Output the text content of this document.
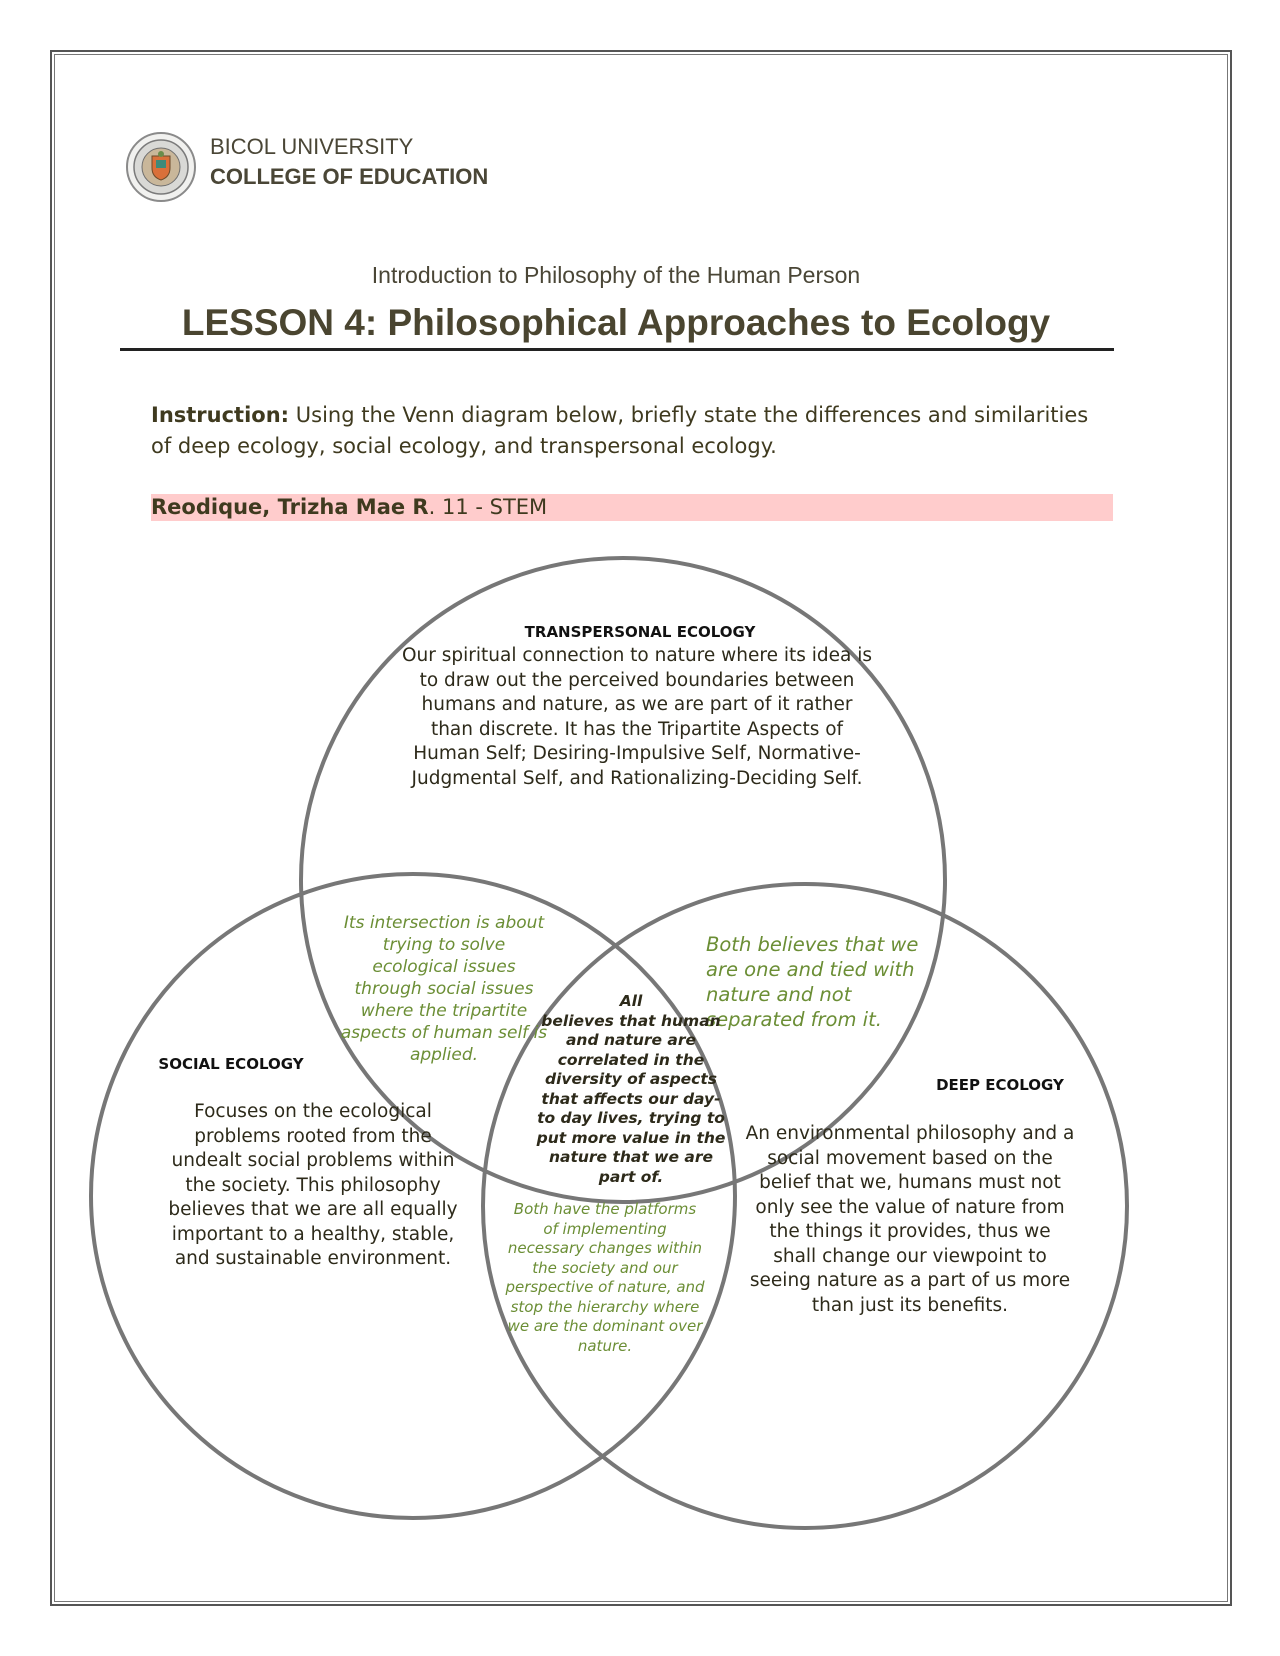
BICOL UNIVERSITY
COLLEGE OF EDUCATION
Introduction to Philosophy of the Human Person
LESSON 4: Philosophical Approaches to Ecology
Instruction: Using the Venn diagram below, briefly state the differences and similarities of deep ecology, social ecology, and transpersonal ecology.
Reodique, Trizha Mae R. 11 - STEM
TRANSPERSONAL ECOLOGY
Our spiritual connection to nature where its idea is to draw out the perceived boundaries between humans and nature, as we are part of it rather than discrete. It has the Tripartite Aspects of Human Self; Desiring-Impulsive Self, Normative-Judgmental Self, and Rationalizing-Deciding Self.
SOCIAL ECOLOGY
Focuses on the ecological problems rooted from the undealt social problems within the society. This philosophy believes that we are all equally important to a healthy, stable, and sustainable environment.
DEEP ECOLOGY
An environmental philosophy and a social movement based on the belief that we, humans must not only see the value of nature from the things it provides, thus we shall change our viewpoint to seeing nature as a part of us more than just its benefits.
Its intersection is about trying to solve ecological issues through social issues where the tripartite aspects of human self is applied.
Both believes that we are one and tied with nature and not separated from it.
All
believes that human and nature are correlated in the diversity of aspects that affects our day-to day lives, trying to put more value in the nature that we are part of.
Both have the platforms of implementing necessary changes within the society and our perspective of nature, and stop the hierarchy where we are the dominant over nature.
